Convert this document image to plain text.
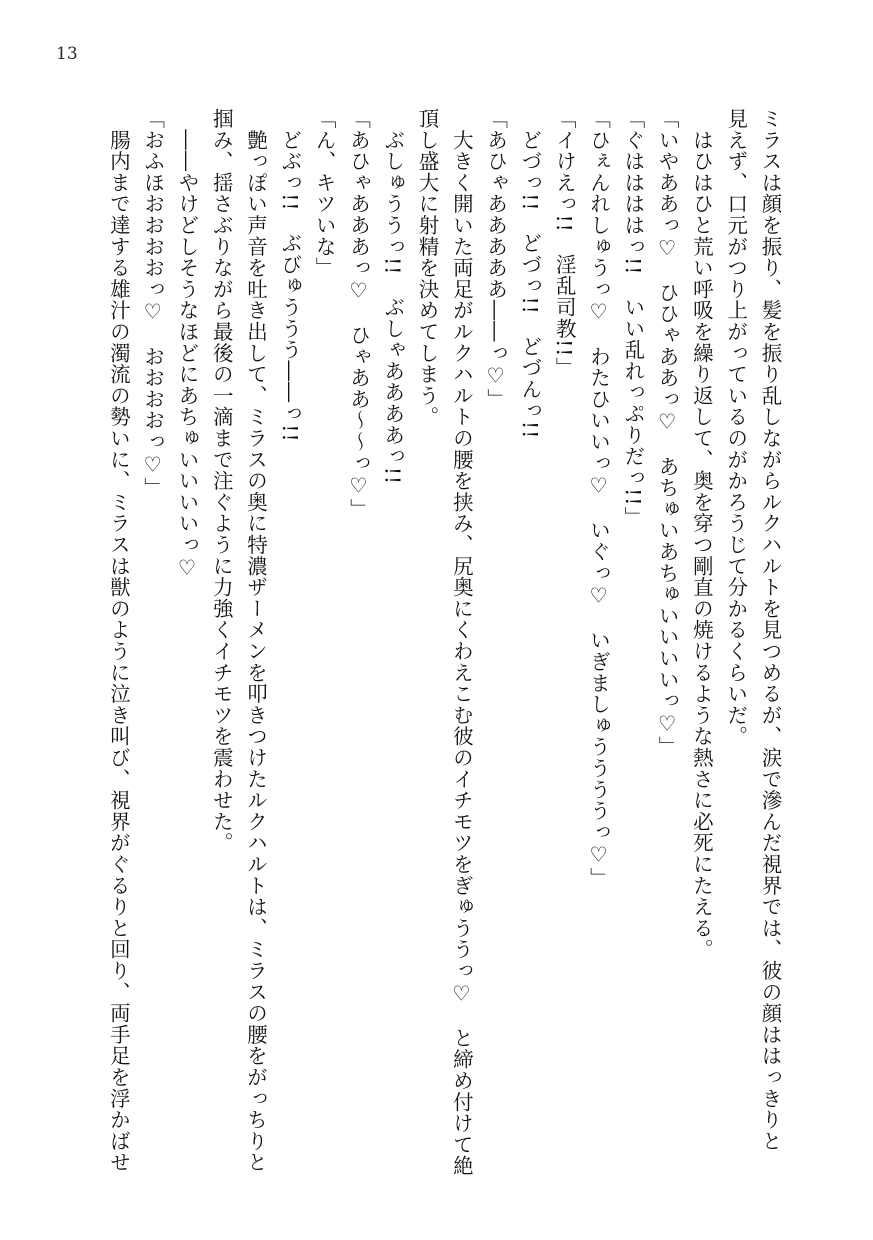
13
ミラスは顔を振り、髪を振り乱しながらルクハルトを見つめるが、涙で滲んだ視界では、彼の顔ははっきりと
見えず、口元がつり上がっているのがかろうじて分かるくらいだ。
　はひはひと荒い呼吸を繰り返して、奥を穿つ剛直の焼けるような熱さに必死にたえる。
「いやああっ♡　ひひゃああっ♡　あちゅいあちゅいいいいっ♡」
「ぐははははっ!!　いい乱れっぷりだっ!!」
「ひぇんれしゅうっ♡　わたひいいっ♡　いぐっ♡　いぎましゅううううっ♡」
「イけえっ!!　淫乱司教!!」
　どづっ!!　どづっ!!　どづんっ!!
「あひゃあああああ――っ♡」
　大きく開いた両足がルクハルトの腰を挟み、尻奥にくわえこむ彼のイチモツをぎゅううっ♡　と締め付けて絶
頂し盛大に射精を決めてしまう。
　ぶしゅううっ!!　ぶしゃああああっ!!
「あひゃあああっ♡　ひゃああ～～っ♡」
「ん、キツいな」
　どぶっ!!　ぶびゅううう――っ!!
　艶っぽい声音を吐き出して、ミラスの奥に特濃ザーメンを叩きつけたルクハルトは、ミラスの腰をがっちりと
掴み、揺さぶりながら最後の一滴まで注ぐように力強くイチモツを震わせた。
　――やけどしそうなほどにあちゅいいいいっ♡
「おふほおおおおっ♡　おおおおっ♡」
　腸内まで達する雄汁の濁流の勢いに、ミラスは獣のように泣き叫び、視界がぐるりと回り、両手足を浮かばせ
